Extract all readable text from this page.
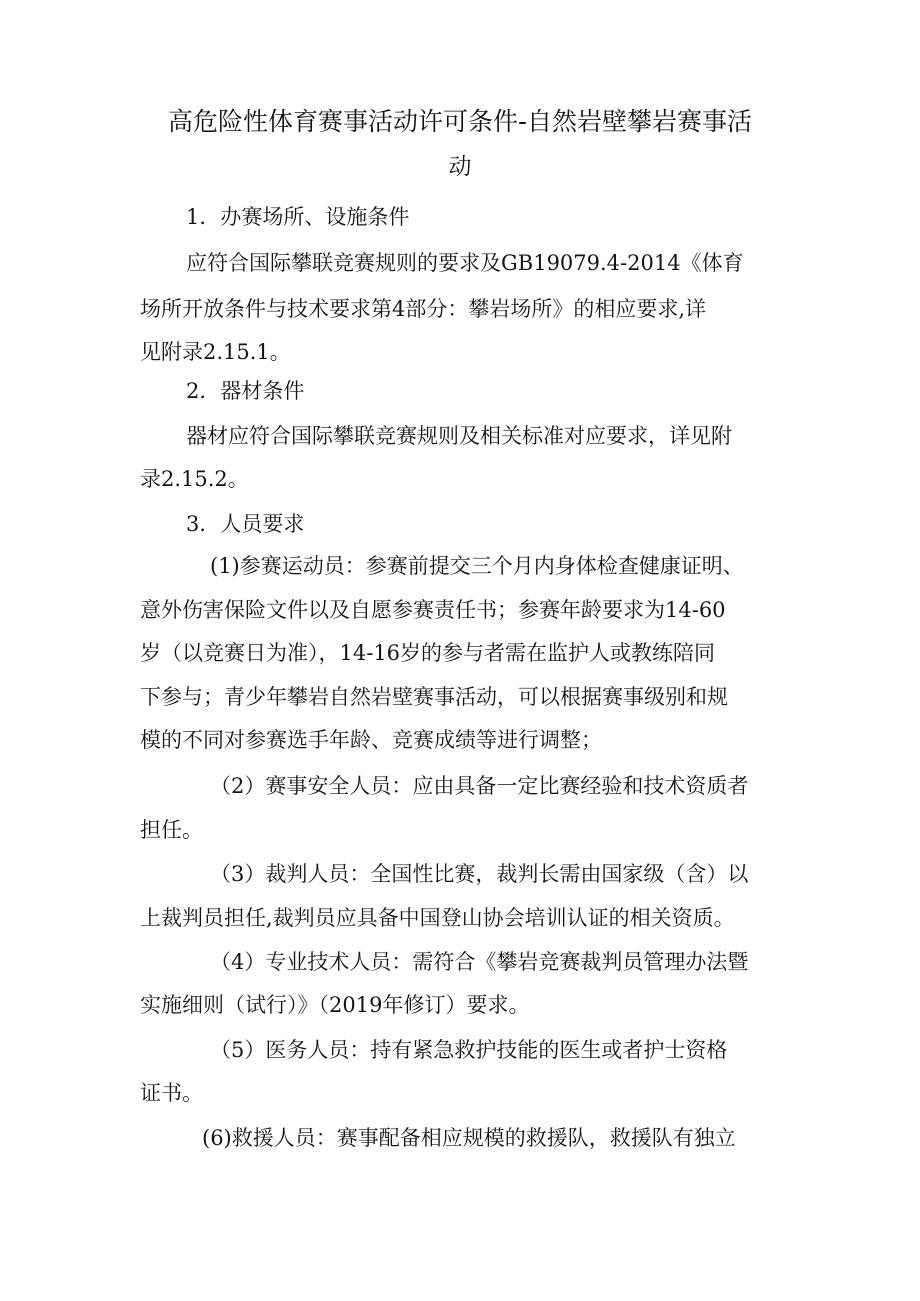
高危险性体育赛事活动许可条件-自然岩壁攀岩赛事活
动
1．办赛场所、设施条件
应符合国际攀联竞赛规则的要求及GB19079.4-2014《体育
场所开放条件与技术要求第4部分：攀岩场所》的相应要求,详
见附录2.15.1。
2．器材条件
器材应符合国际攀联竞赛规则及相关标准对应要求，详见附
录2.15.2。
3．人员要求
(1)参赛运动员：参赛前提交三个月内身体检查健康证明、
意外伤害保险文件以及自愿参赛责任书；参赛年龄要求为14-60
岁（以竞赛日为准），14-16岁的参与者需在监护人或教练陪同
下参与；青少年攀岩自然岩壁赛事活动，可以根据赛事级别和规
模的不同对参赛选手年龄、竞赛成绩等进行调整；
（2）赛事安全人员：应由具备一定比赛经验和技术资质者
担任。
（3）裁判人员：全国性比赛，裁判长需由国家级（含）以
上裁判员担任,裁判员应具备中国登山协会培训认证的相关资质。
（4）专业技术人员：需符合《攀岩竞赛裁判员管理办法暨
实施细则（试行）》（2019年修订）要求。
（5）医务人员：持有紧急救护技能的医生或者护士资格
证书。
(6)救援人员：赛事配备相应规模的救援队，救援队有独立
